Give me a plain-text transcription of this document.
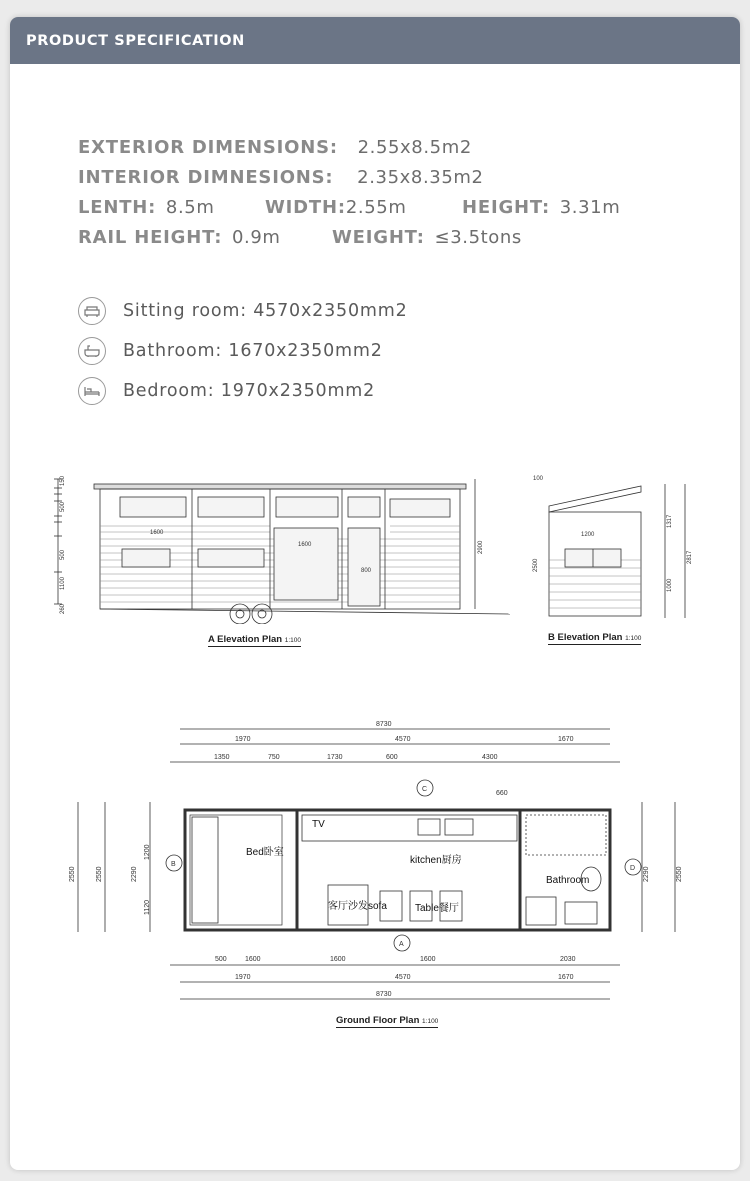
PRODUCT SPECIFICATION
EXTERIOR DIMENSIONS: 2.55x8.5m2
INTERIOR DIMNESIONS: 2.35x8.35m2
LENTH: 8.5m	WIDTH:2.55m	HEIGHT: 3.31m
RAIL HEIGHT: 0.9m	WEIGHT: ≤3.5tons
Sitting room: 4570x2350mm2
Bathroom: 1670x2350mm2
Bedroom: 1970x2350mm2
150
500
500
1100
260
1600
1600	2900
800
A Elevation Plan 1:100
100
1200
2500
1317
1000
2817
B Elevation Plan 1:100
8730
1970	4570	1670
1350	750	1730	600	4300
660
500	1600	1600	1600	2030
1970	4570	1670
8730
2550	2550	2290
1200
1120
2290	2550
C
A
B
D
Bed卧室
kitchen厨房
客厅沙发sofa	Table餐厅
Bathroom
TV
Ground Floor Plan 1:100
